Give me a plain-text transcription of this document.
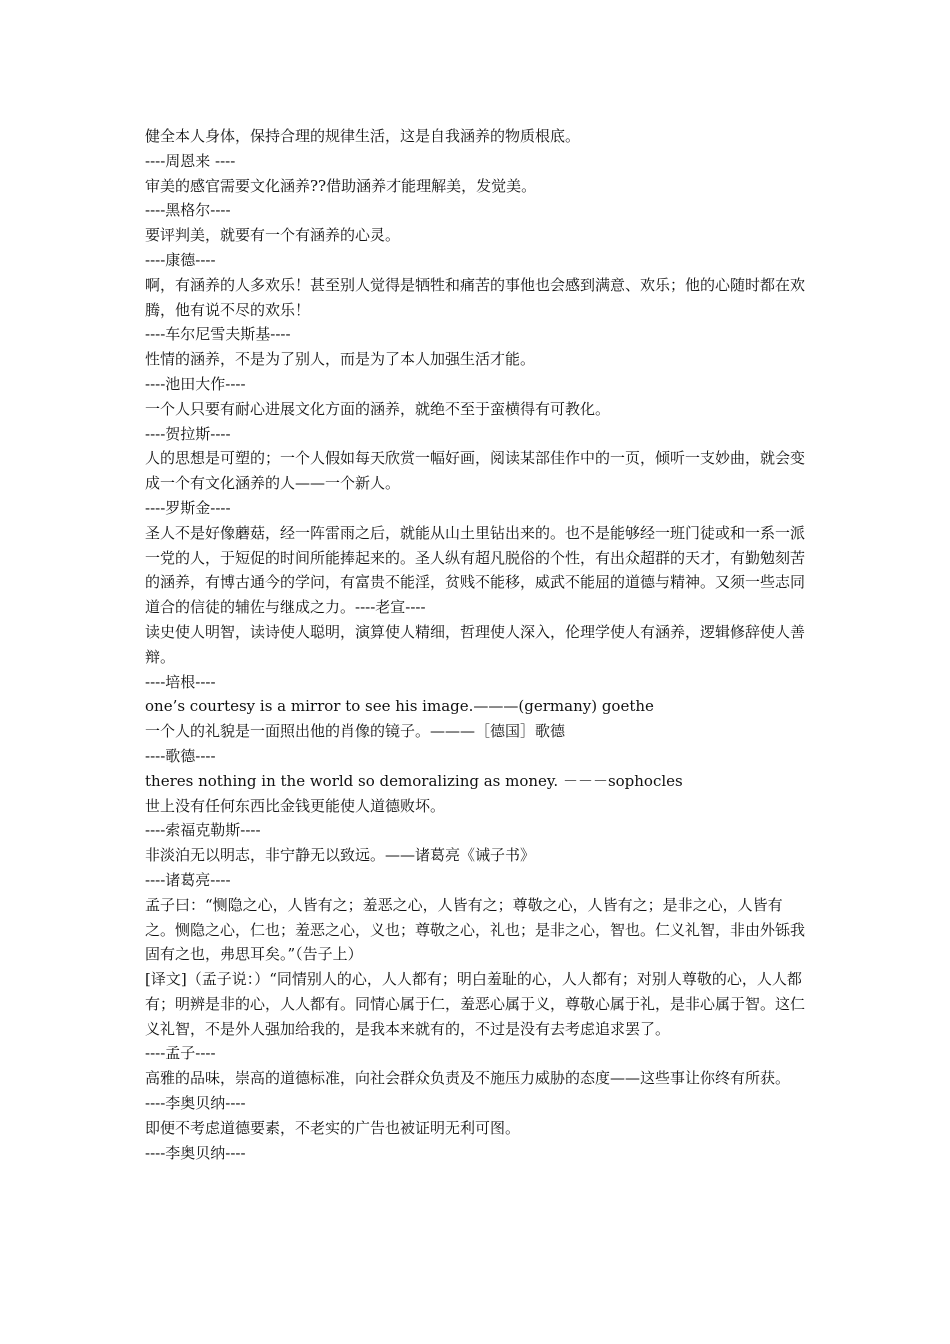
健全本人身体，保持合理的规律生活，这是自我涵养的物质根底。

----周恩来 ----

审美的感官需要文化涵养??借助涵养才能理解美，发觉美。

----黑格尔----

要评判美，就要有一个有涵养的心灵。

----康德----

啊，有涵养的人多欢乐！甚至别人觉得是牺牲和痛苦的事他也会感到满意、欢乐；他的心随时都在欢腾，他有说不尽的欢乐！

----车尔尼雪夫斯基----

性情的涵养，不是为了别人，而是为了本人加强生活才能。

----池田大作----

一个人只要有耐心进展文化方面的涵养，就绝不至于蛮横得有可教化。

----贺拉斯----

人的思想是可塑的；一个人假如每天欣赏一幅好画，阅读某部佳作中的一页，倾听一支妙曲，就会变成一个有文化涵养的人——一个新人。

----罗斯金----

圣人不是好像蘑菇，经一阵雷雨之后，就能从山土里钻出来的。也不是能够经一班门徒或和一系一派一党的人，于短促的时间所能捧起来的。圣人纵有超凡脱俗的个性，有出众超群的天才，有勤勉刻苦的涵养，有博古通今的学问，有富贵不能淫，贫贱不能移，威武不能屈的道德与精神。又须一些志同道合的信徒的辅佐与继成之力。----老宣----

读史使人明智，读诗使人聪明，演算使人精细，哲理使人深入，伦理学使人有涵养，逻辑修辞使人善辩。

----培根----

one’s courtesy is a mirror to see his image.———(germany) goethe

一个人的礼貌是一面照出他的肖像的镜子。———［德国］歌德

----歌德----

theres nothing in the world so demoralizing as money. －－－sophocles

世上没有任何东西比金钱更能使人道德败坏。

----索福克勒斯----

非淡泊无以明志，非宁静无以致远。——诸葛亮《诫子书》

----诸葛亮----

孟子曰：“恻隐之心，人皆有之；羞恶之心，人皆有之；尊敬之心，人皆有之；是非之心，人皆有之。恻隐之心，仁也；羞恶之心，义也；尊敬之心，礼也；是非之心，智也。仁义礼智，非由外铄我固有之也，弗思耳矣。”（告子上）

[译文]（孟子说：）“同情别人的心，人人都有；明白羞耻的心，人人都有；对别人尊敬的心，人人都有；明辨是非的心，人人都有。同情心属于仁，羞恶心属于义，尊敬心属于礼，是非心属于智。这仁义礼智，不是外人强加给我的，是我本来就有的，不过是没有去考虑追求罢了。

----孟子----

高雅的品味，崇高的道德标准，向社会群众负责及不施压力威胁的态度——这些事让你终有所获。

----李奥贝纳----

即便不考虑道德要素，不老实的广告也被证明无利可图。

----李奥贝纳----
